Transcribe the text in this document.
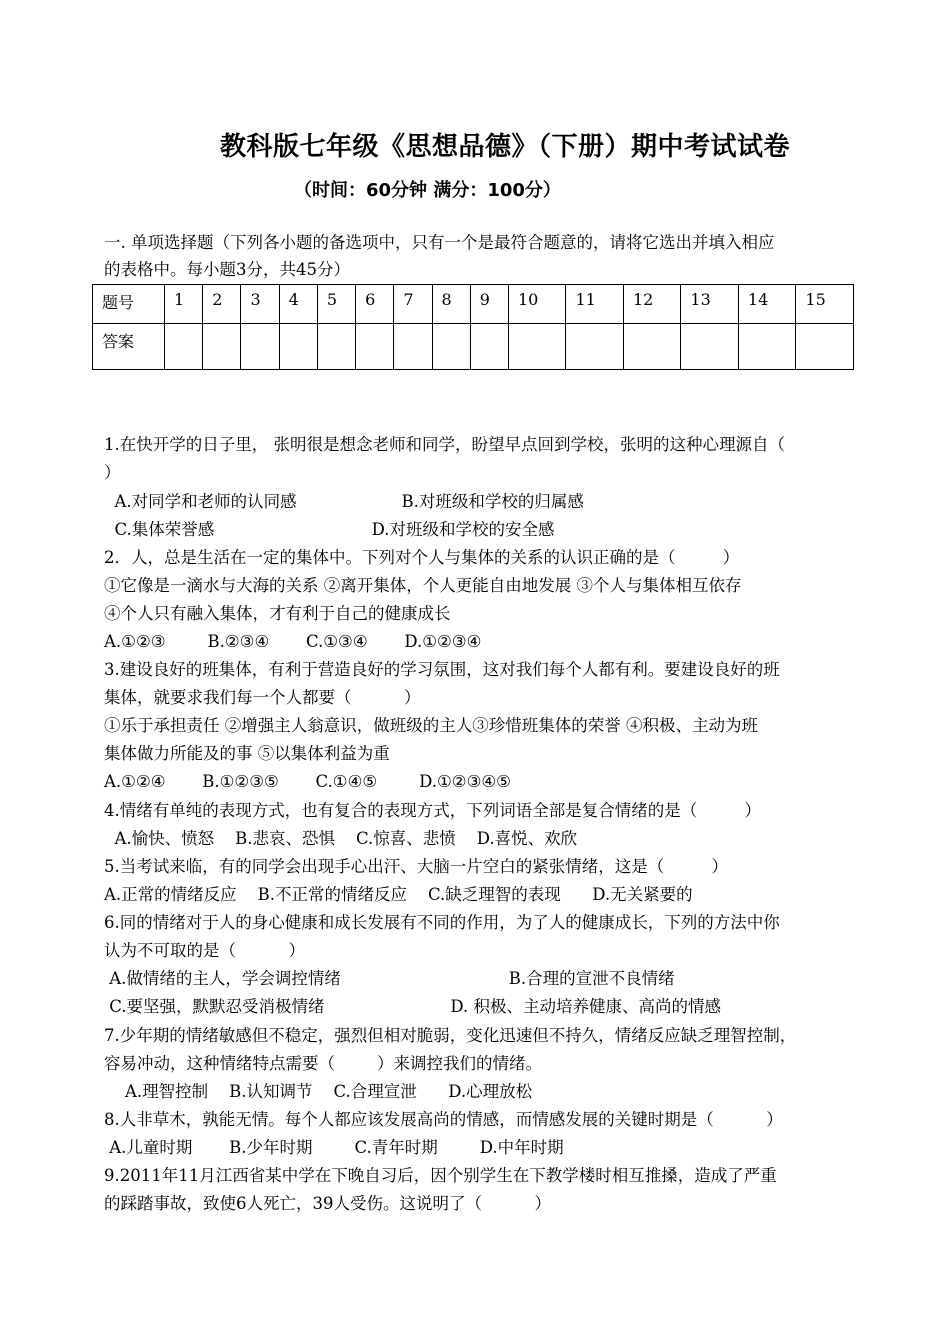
教科版七年级《思想品德》（下册）期中考试试卷
（时间：60分钟 满分：100分）
一. 单项选择题（下列各小题的备选项中，只有一个是最符合题意的，请将它选出并填入相应
的表格中。每小题3分，共45分）
题号	1	2	3	4	5	6	7	8	9	10	11	12	13	14	15
答案															
1.在快开学的日子里， 张明很是想念老师和同学，盼望早点回到学校，张明的这种心理源自（
）
A.对同学和老师的认同感                    B.对班级和学校的归属感
C.集体荣誉感                              D.对班级和学校的安全感
2．人，总是生活在一定的集体中。下列对个人与集体的关系的认识正确的是（         ）
①它像是一滴水与大海的关系 ②离开集体，个人更能自由地发展 ③个人与集体相互依存
④个人只有融入集体，才有利于自己的健康成长
A.①②③        B.②③④       C.①③④       D.①②③④
3.建设良好的班集体，有利于营造良好的学习氛围，这对我们每个人都有利。要建设良好的班
集体，就要求我们每一个人都要（          ）
①乐于承担责任 ②增强主人翁意识，做班级的主人③珍惜班集体的荣誉 ④积极、主动为班
集体做力所能及的事 ⑤以集体利益为重
A.①②④       B.①②③⑤       C.①④⑤        D.①②③④⑤
4.情绪有单纯的表现方式，也有复合的表现方式，下列词语全部是复合情绪的是（         ）
A.愉快、愤怒    B.悲哀、恐惧    C.惊喜、悲愤    D.喜悦、欢欣
5.当考试来临，有的同学会出现手心出汗、大脑一片空白的紧张情绪，这是（         ）
A.正常的情绪反应    B.不正常的情绪反应    C.缺乏理智的表现      D.无关紧要的
6.同的情绪对于人的身心健康和成长发展有不同的作用，为了人的健康成长，下列的方法中你
认为不可取的是（          ）
A.做情绪的主人，学会调控情绪                                B.合理的宣泄不良情绪
C.要坚强，默默忍受消极情绪                        D. 积极、主动培养健康、高尚的情感
7.少年期的情绪敏感但不稳定，强烈但相对脆弱，变化迅速但不持久，情绪反应缺乏理智控制，
容易冲动，这种情绪特点需要（        ）来调控我们的情绪。
A.理智控制    B.认知调节    C.合理宣泄      D.心理放松
8.人非草木，孰能无情。每个人都应该发展高尚的情感，而情感发展的关键时期是（          ）
A.儿童时期       B.少年时期        C.青年时期        D.中年时期
9.2011年11月江西省某中学在下晚自习后，因个别学生在下教学楼时相互推搡，造成了严重
的踩踏事故，致使6人死亡，39人受伤。这说明了（          ）
